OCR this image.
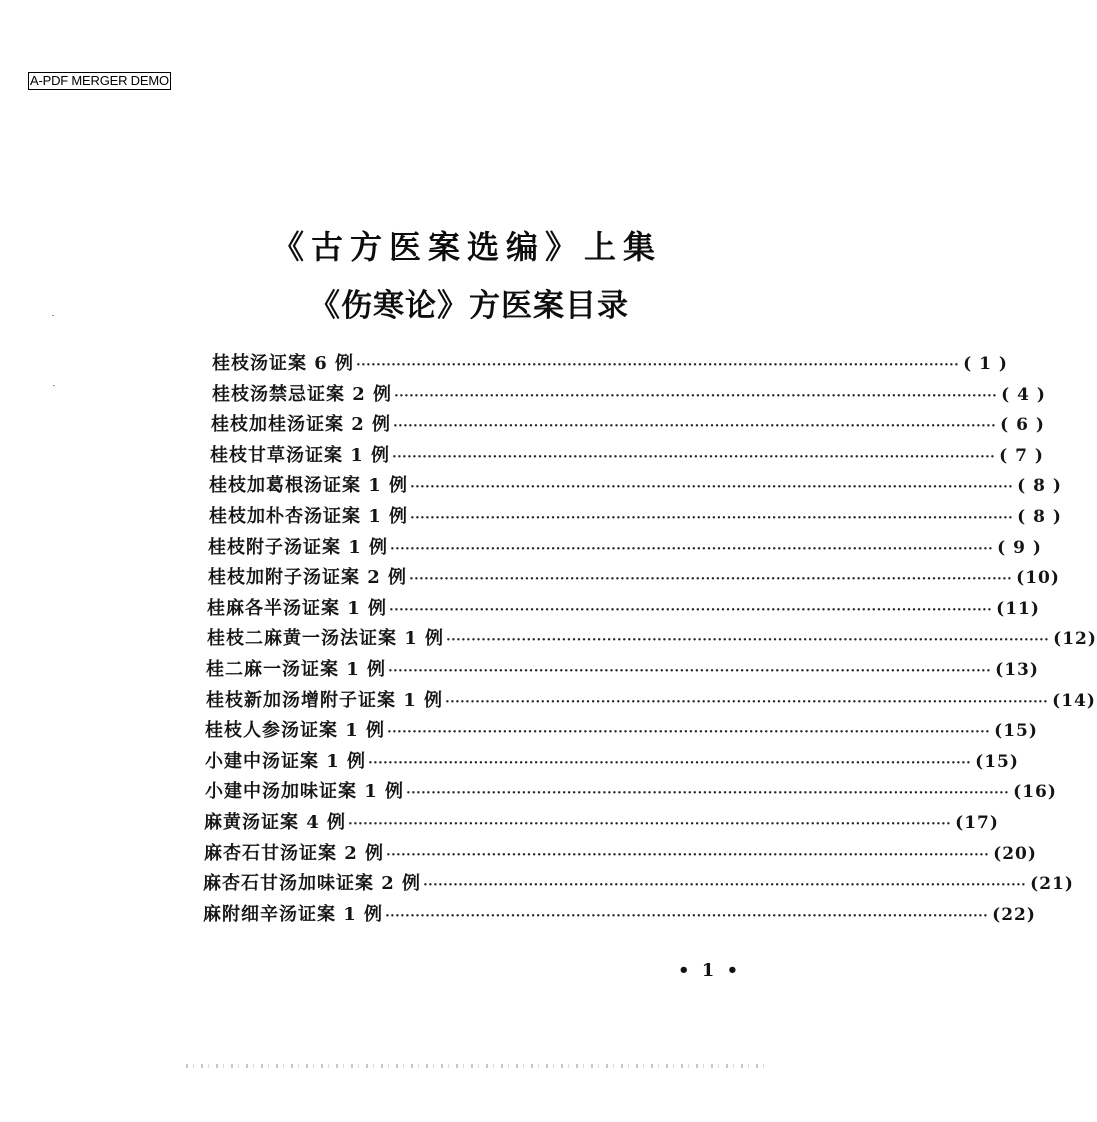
A-PDF MERGER DEMO
《古方医案选编》上集
《伤寒论》方医案目录
桂枝汤证案 6 例 ························································································································ ( 1 )
桂枝汤禁忌证案 2 例 ························································································································ ( 4 )
桂枝加桂汤证案 2 例 ························································································································ ( 6 )
桂枝甘草汤证案 1 例 ························································································································ ( 7 )
桂枝加葛根汤证案 1 例 ························································································································ ( 8 )
桂枝加朴杏汤证案 1 例 ························································································································ ( 8 )
桂枝附子汤证案 1 例 ························································································································ ( 9 )
桂枝加附子汤证案 2 例 ························································································································ (10)
桂麻各半汤证案 1 例 ························································································································ (11)
桂枝二麻黄一汤法证案 1 例 ························································································································ (12)
桂二麻一汤证案 1 例 ························································································································ (13)
桂枝新加汤增附子证案 1 例 ························································································································ (14)
桂枝人参汤证案 1 例 ························································································································ (15)
小建中汤证案 1 例 ························································································································ (15)
小建中汤加味证案 1 例 ························································································································ (16)
麻黄汤证案 4 例 ························································································································ (17)
麻杏石甘汤证案 2 例 ························································································································ (20)
麻杏石甘汤加味证案 2 例 ························································································································ (21)
麻附细辛汤证案 1 例 ························································································································ (22)
• 1 •
